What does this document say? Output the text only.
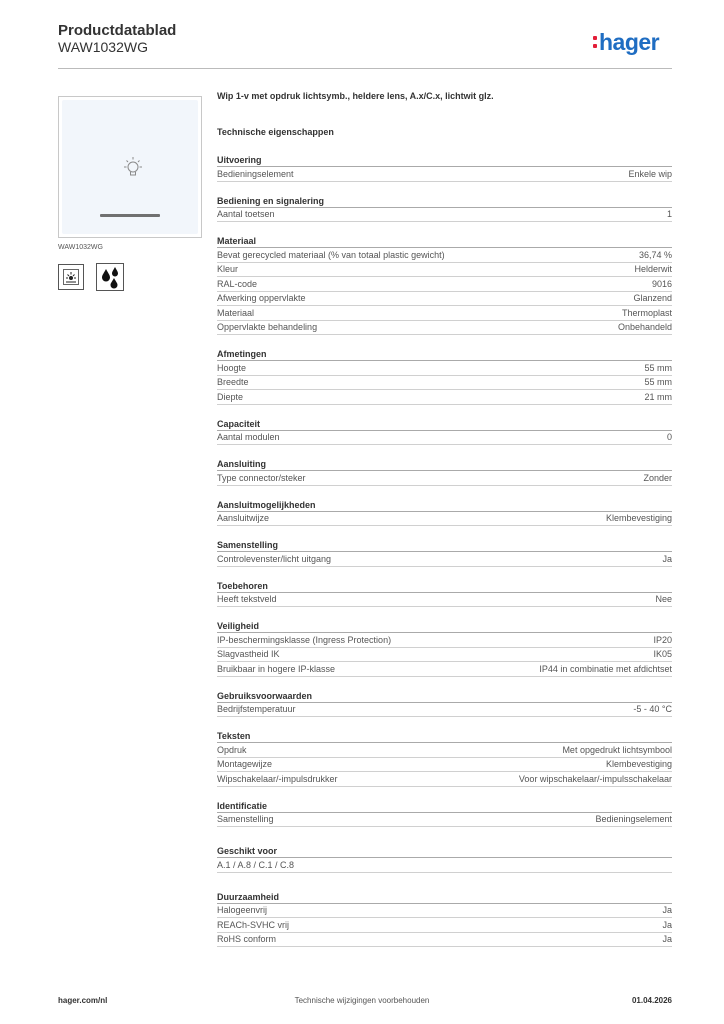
Productdatablad
WAW1032WG	hager
WAW1032WG
Wip 1-v met opdruk lichtsymb., heldere lens, A.x/C.x, lichtwit glz.
Technische eigenschappen
Uitvoering
Bedieningselement	Enkele wip
Bediening en signalering
Aantal toetsen	1
Materiaal
Bevat gerecycled materiaal (% van totaal plastic gewicht)	36,74 %
Kleur	Helderwit
RAL-code	9016
Afwerking oppervlakte	Glanzend
Materiaal	Thermoplast
Oppervlakte behandeling	Onbehandeld
Afmetingen
Hoogte	55 mm
Breedte	55 mm
Diepte	21 mm
Capaciteit
Aantal modulen	0
Aansluiting
Type connector/steker	Zonder
Aansluitmogelijkheden
Aansluitwijze	Klembevestiging
Samenstelling
Controlevenster/licht uitgang	Ja
Toebehoren
Heeft tekstveld	Nee
Veiligheid
IP-beschermingsklasse (Ingress Protection)	IP20
Slagvastheid IK	IK05
Bruikbaar in hogere IP-klasse	IP44 in combinatie met afdichtset
Gebruiksvoorwaarden
Bedrijfstemperatuur	-5 - 40 °C
Teksten
Opdruk	Met opgedrukt lichtsymbool
Montagewijze	Klembevestiging
Wipschakelaar/-impulsdrukker	Voor wipschakelaar/-impulsschakelaar
Identificatie
Samenstelling	Bedieningselement
Geschikt voor
A.1 / A.8 / C.1 / C.8
Duurzaamheid
Halogeenvrij	Ja
REACh-SVHC vrij	Ja
RoHS conform	Ja
hager.com/nl	Technische wijzigingen voorbehouden	01.04.2026
